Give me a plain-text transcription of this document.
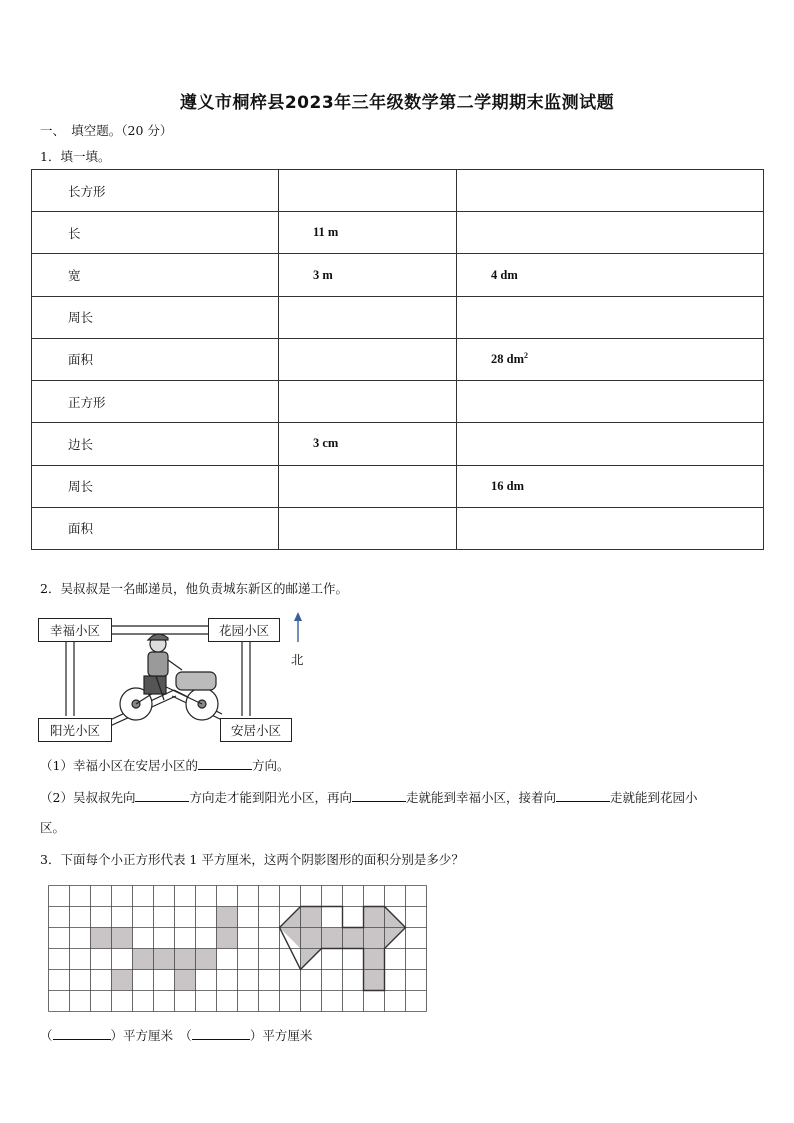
遵义市桐梓县2023年三年级数学第二学期期末监测试题
一、　填空题。（20 分）
1．填一填。
长方形		
长	11 m	
宽	3 m	4 dm
周长		
面积		28 $dm^2$
正方形		
边长	3 cm	
周长		16 dm
面积		
2．吴叔叔是一名邮递员，他负责城东新区的邮递工作。
幸福小区	花园小区
阳光小区	安居小区
北
（1）幸福小区在安居小区的	方向。
（2）吴叔叔先向	方向走才能到阳光小区，再向	走就能到幸福小区，接着向	走就能到花园小
区。
3．下面每个小正方形代表 1 平方厘米，这两个阴影图形的面积分别是多少？
（	）平方厘米　（	）平方厘米
